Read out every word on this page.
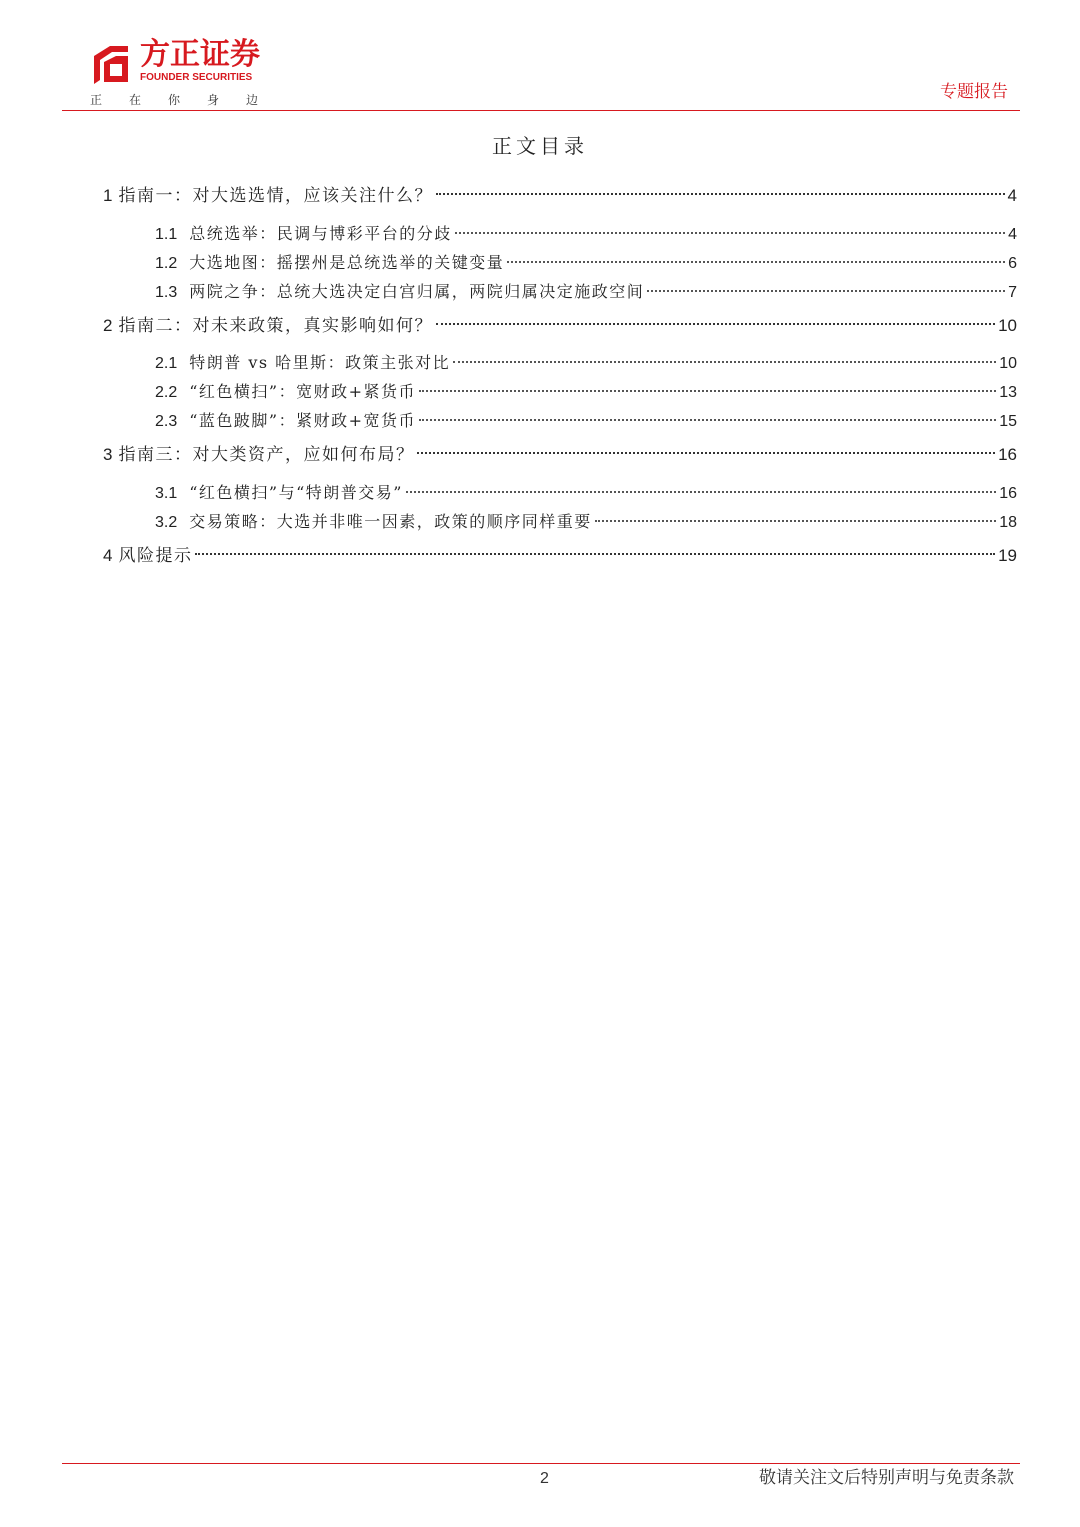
方正证券
FOUNDER SECURITIES
正在你身边	专题报告
正文目录
1 指南一：对大选选情，应该关注什么？	4
1.1 总统选举：民调与博彩平台的分歧	4
1.2 大选地图：摇摆州是总统选举的关键变量	6
1.3 两院之争：总统大选决定白宫归属，两院归属决定施政空间	7
2 指南二：对未来政策，真实影响如何？	10
2.1 特朗普 vs 哈里斯：政策主张对比	10
2.2 “红色横扫”：宽财政+紧货币	13
2.3 “蓝色跛脚”：紧财政+宽货币	15
3 指南三：对大类资产，应如何布局？	16
3.1 “红色横扫”与“特朗普交易”	16
3.2 交易策略：大选并非唯一因素，政策的顺序同样重要	18
4 风险提示	19
2	敬请关注文后特别声明与免责条款
